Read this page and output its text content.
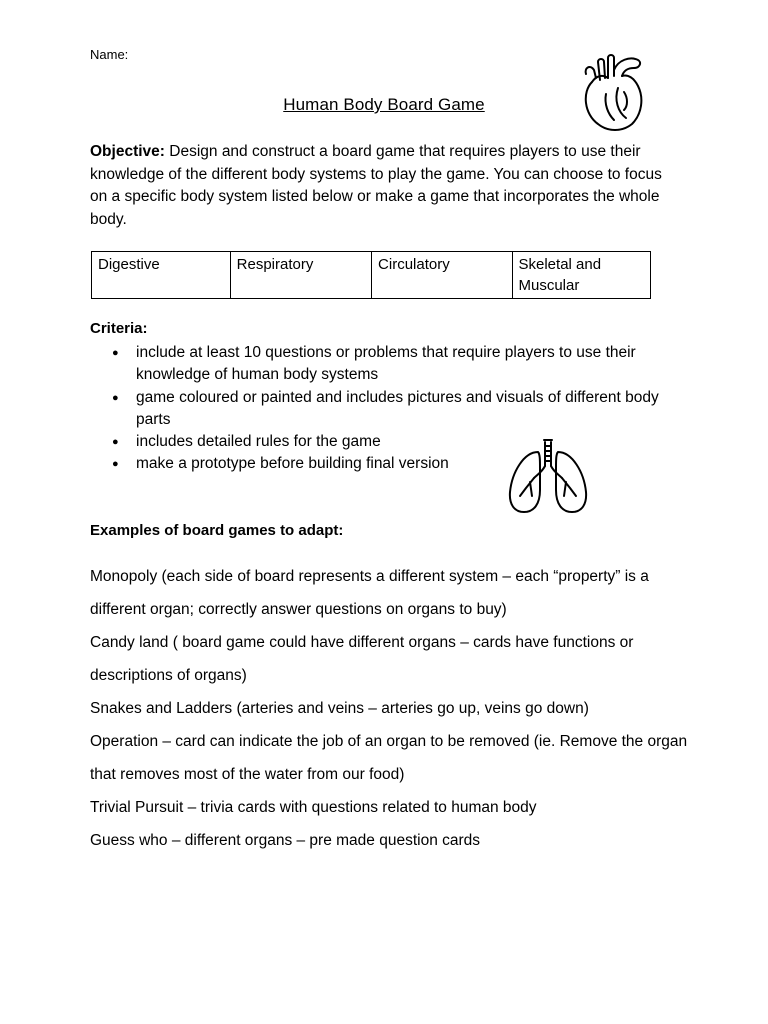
Name:
Human Body Board Game
Objective: Design and construct a board game that requires players to use their knowledge of the different body systems to play the game. You can choose to focus on a specific body system listed below or make a game that incorporates the whole body.
Digestive	Respiratory	Circulatory	Skeletal and Muscular
Criteria:
● include at least 10 questions or problems that require players to use their knowledge of human body systems
● game coloured or painted and includes pictures and visuals of different body parts
● includes detailed rules for the game
● make a prototype before building final version
Examples of board games to adapt:
Monopoly (each side of board represents a different system – each “property” is a different organ; correctly answer questions on organs to buy)
Candy land ( board game could have different organs – cards have functions or descriptions of organs)
Snakes and Ladders (arteries and veins – arteries go up, veins go down)
Operation – card can indicate the job of an organ to be removed (ie. Remove the organ that removes most of the water from our food)
Trivial Pursuit – trivia cards with questions related to human body
Guess who – different organs – pre made question cards
